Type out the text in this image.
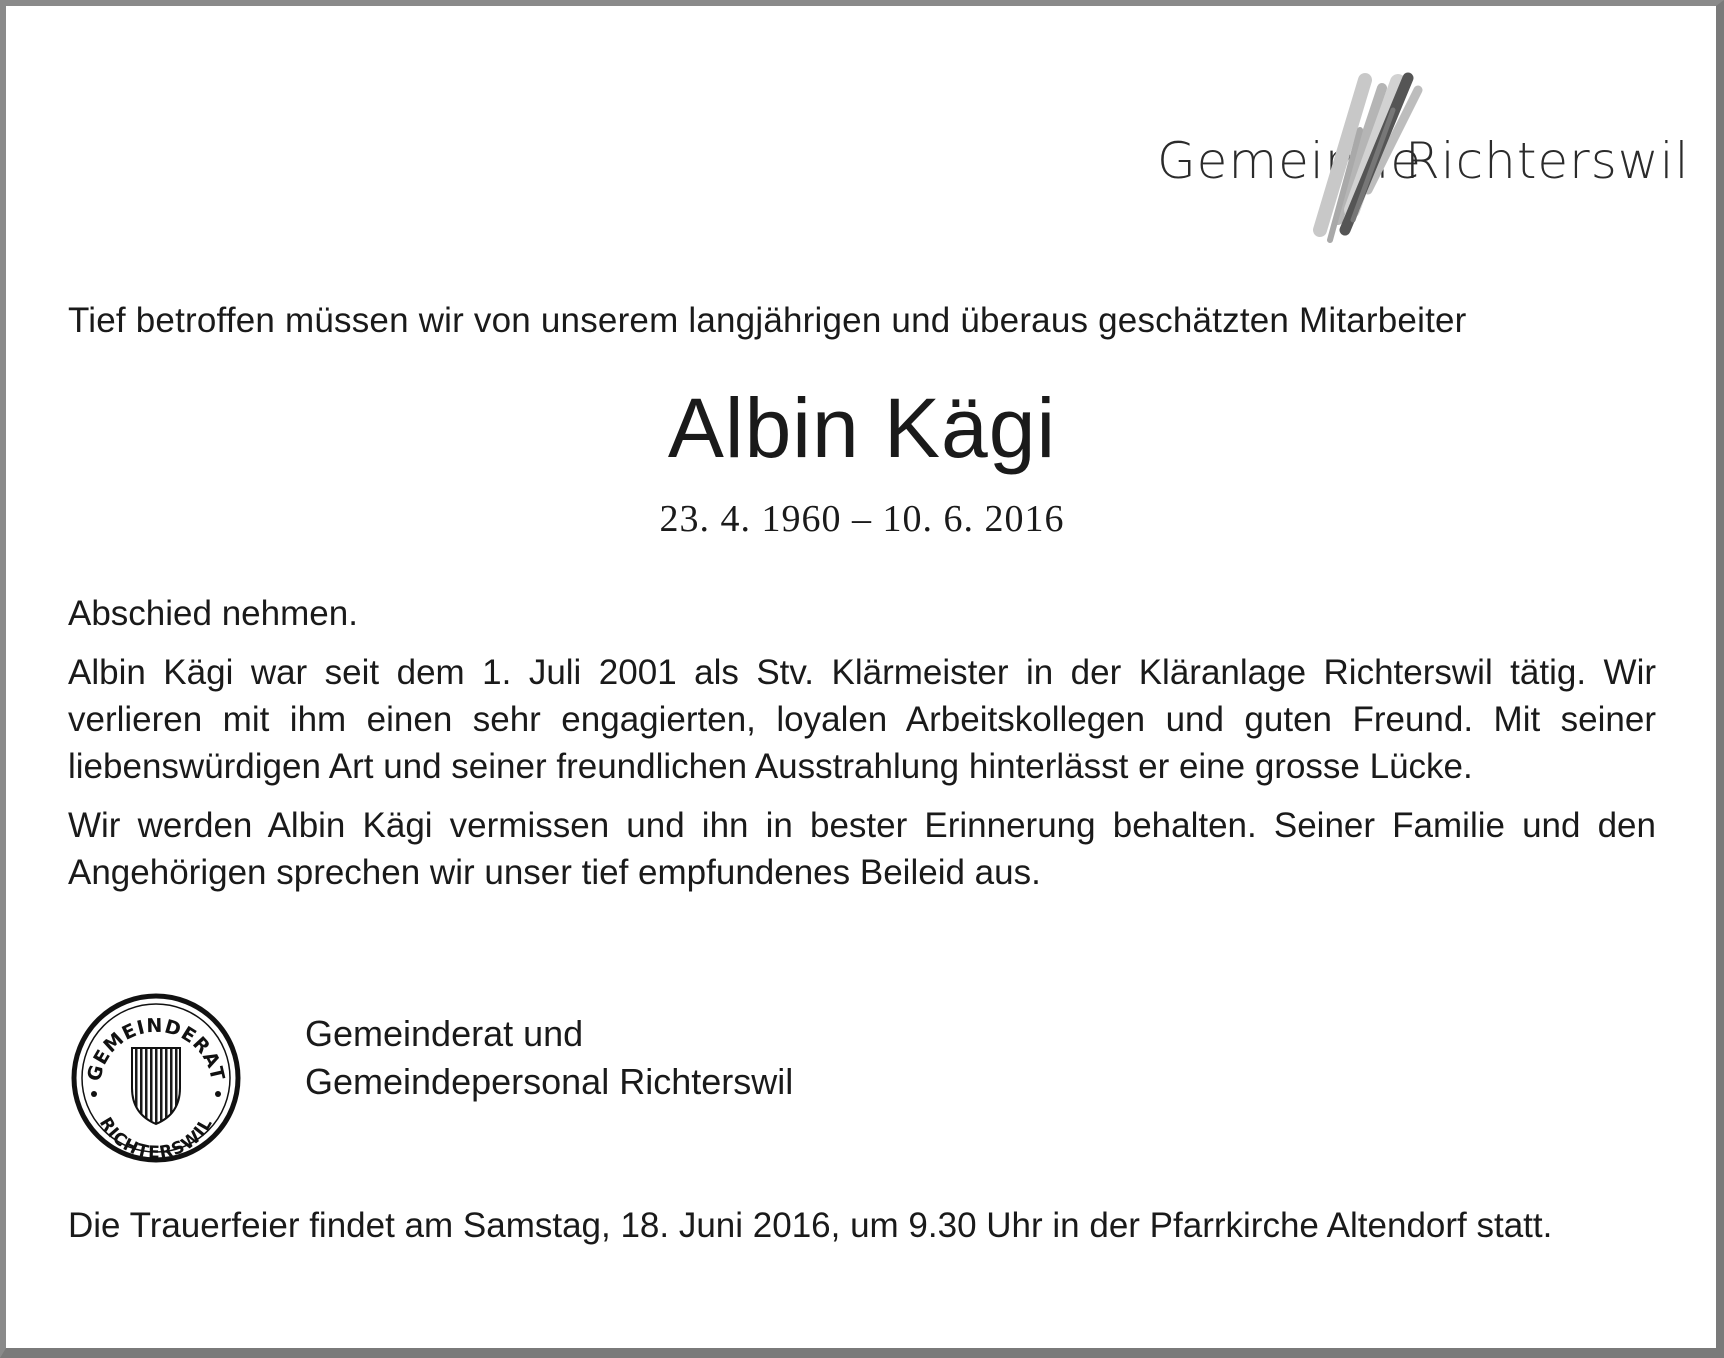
Gemeinde
Richterswil
Tief betroffen müssen wir von unserem langjährigen und überaus geschätzten Mitarbeiter
Albin Kägi
23. 4. 1960 – 10. 6. 2016

Abschied nehmen.

Albin Kägi war seit dem 1. Juli 2001 als Stv. Klärmeister in der Kläranlage Richterswil tätig. Wir verlieren mit ihm einen sehr engagierten, loyalen Arbeitskollegen und guten Freund. Mit seiner liebenswürdigen Art und seiner freundlichen Ausstrahlung hinterlässt er eine grosse Lücke.

Wir werden Albin Kägi vermissen und ihn in bester Erinnerung behalten. Seiner Familie und den Angehörigen sprechen wir unser tief empfundenes Beileid aus.

GEMEINDERAT
RICHTERSWIL
Gemeinderat und
Gemeindepersonal Richterswil
Die Trauerfeier findet am Samstag, 18. Juni 2016, um 9.30 Uhr in der Pfarrkirche Altendorf statt.
